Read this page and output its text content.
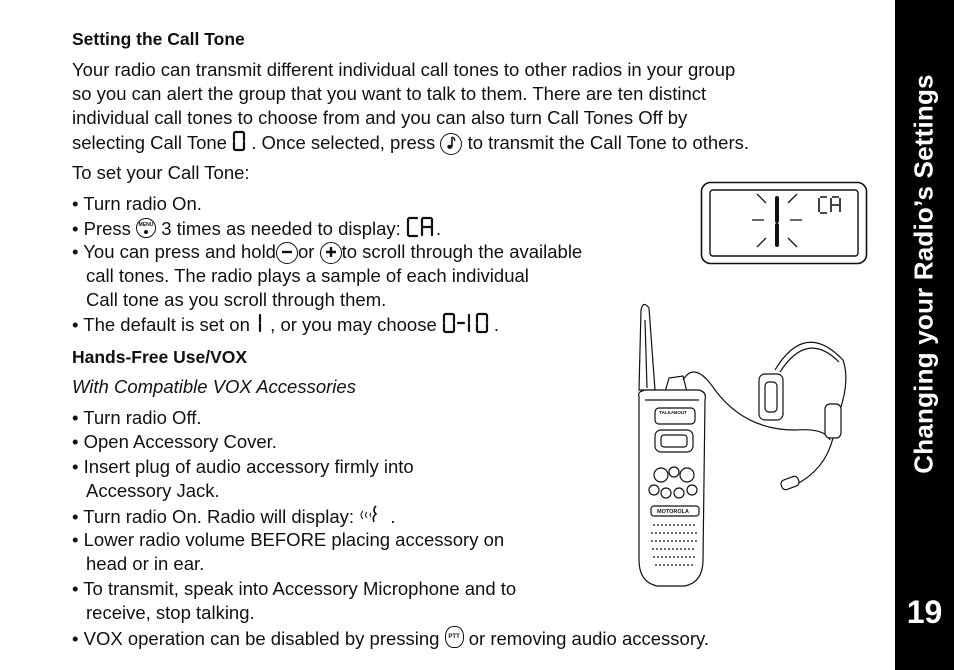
Setting the Call Tone
Your radio can transmit different individual call tones to other radios in your group
so you can alert the group that you want to talk to them. There are ten distinct
individual call tones to choose from and you can also turn Call Tones Off by
selecting Call Tone . Once selected, press to transmit the Call Tone to others.
To set your Call Tone:
• Turn radio On.
• Press	MENU 3 times as needed to display: .
• You can press and hold or to scroll through the available
call tones. The radio plays a sample of each individual
Call tone as you scroll through them.
• The default is set on , or you may choose	.
Hands-Free Use/VOX
With Compatible VOX Accessories
• Turn radio Off.
• Open Accessory Cover.
• Insert plug of audio accessory firmly into
Accessory Jack.
• Turn radio On. Radio will display: .
• Lower radio volume BEFORE placing accessory on
head or in ear.
• To transmit, speak into Accessory Microphone and to
receive, stop talking.
• VOX operation can be disabled by pressing	PTT or removing audio accessory.
TALKABOUT
MOTOROLA
Changing your Radio’s Settings
19
